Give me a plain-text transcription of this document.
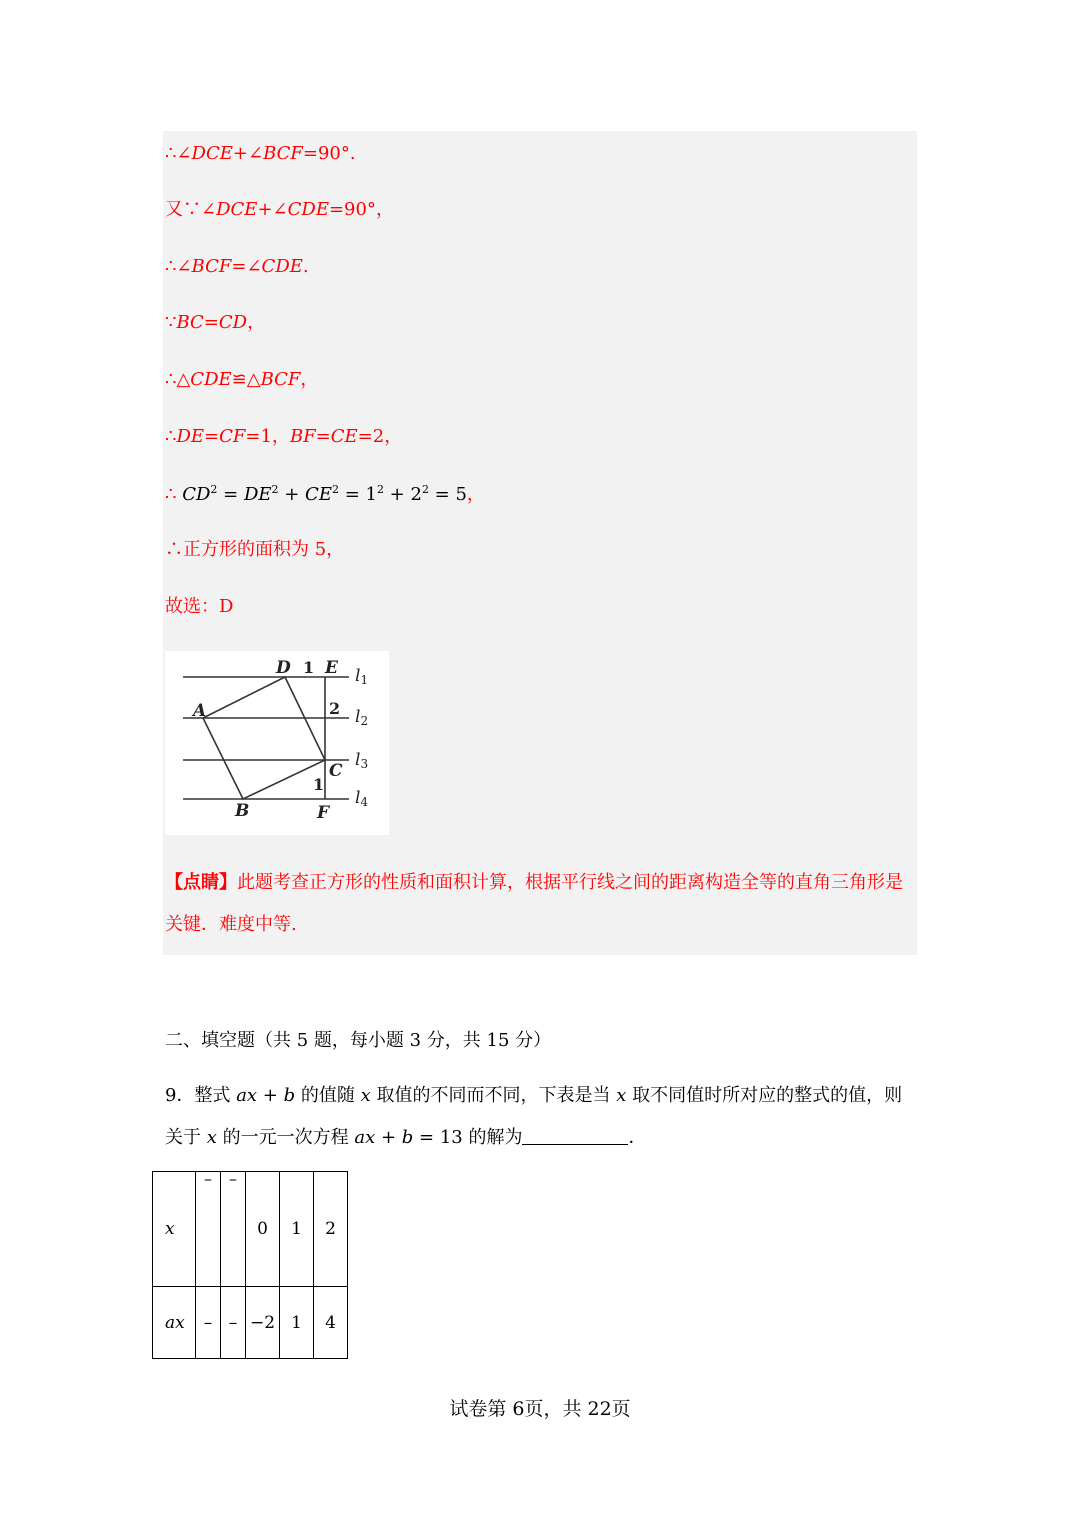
∴∠DCE+∠BCF=90°.
又∵∠DCE+∠CDE=90°，
∴∠BCF=∠CDE.
∵BC=CD，
∴△CDE≌△BCF，
∴DE=CF=1，BF=CE=2，
∴ $CD^2 = DE^2 + CE^2 = 1^2 + 2^2 = 5$，
∴正方形的面积为 5，
故选：D
D E
A
C
B	F
1
2
1
l1
l2
l3
l4
【点睛】此题考查正方形的性质和面积计算，根据平行线之间的距离构造全等的直角三角形是关键．难度中等.
二、填空题（共 5 题，每小题 3 分，共 15 分）
9．整式 ax + b 的值随 x 取值的不同而不同，下表是当 x 取不同值时所对应的整式的值，则关于 x 的一元一次方程 ax + b = 13 的解为	．
x	–	–	0	1	2
ax	–	–	−2	1	4
试卷第 6页，共 22页
